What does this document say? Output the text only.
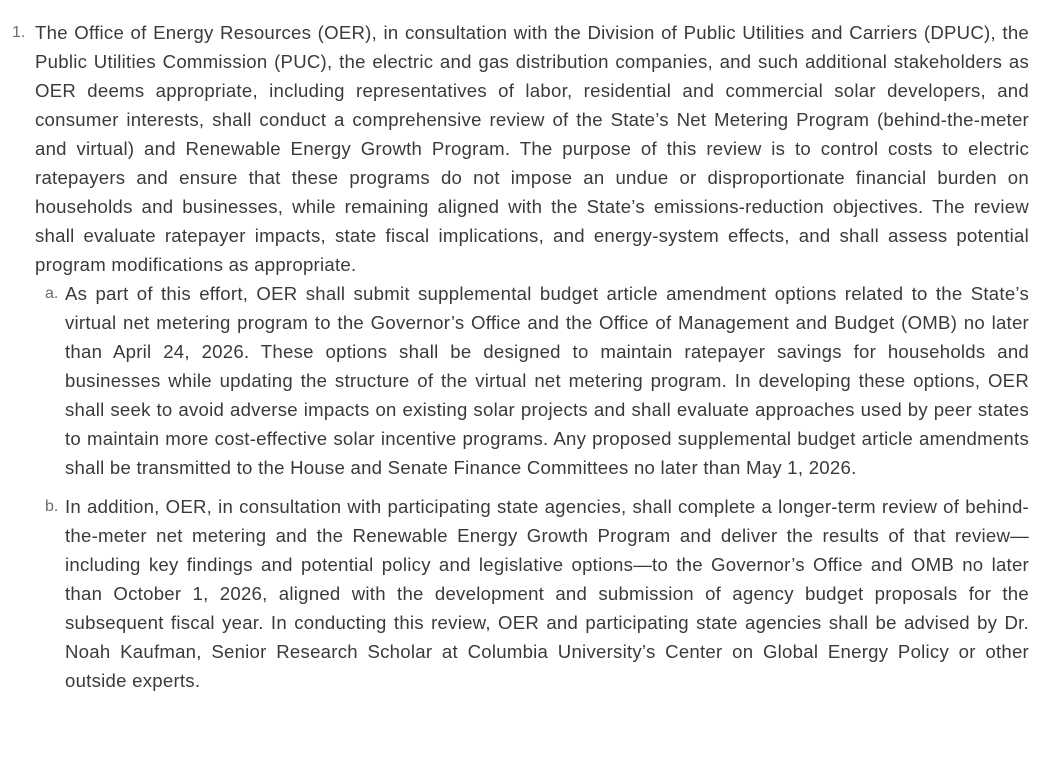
1. The Office of Energy Resources (OER), in consultation with the Division of Public Utilities and Carriers (DPUC), the Public Utilities Commission (PUC), the electric and gas distribution companies, and such additional stakeholders as OER deems appropriate, including representatives of labor, residential and commercial solar developers, and consumer interests, shall conduct a comprehensive review of the State’s Net Metering Program (behind-the-meter and virtual) and Renewable Energy Growth Program. The purpose of this review is to control costs to electric ratepayers and ensure that these programs do not impose an undue or disproportionate financial burden on households and businesses, while remaining aligned with the State’s emissions-reduction objectives. The review shall evaluate ratepayer impacts, state fiscal implications, and energy-system effects, and shall assess potential program modifications as appropriate.

a. As part of this effort, OER shall submit supplemental budget article amendment options related to the State’s virtual net metering program to the Governor’s Office and the Office of Management and Budget (OMB) no later than April 24, 2026. These options shall be designed to maintain ratepayer savings for households and businesses while updating the structure of the virtual net metering program. In developing these options, OER shall seek to avoid adverse impacts on existing solar projects and shall evaluate approaches used by peer states to maintain more cost-effective solar incentive programs. Any proposed supplemental budget article amendments shall be transmitted to the House and Senate Finance Committees no later than May 1, 2026.

b. In addition, OER, in consultation with participating state agencies, shall complete a longer-term review of behind-the-meter net metering and the Renewable Energy Growth Program and deliver the results of that review—including key findings and potential policy and legislative options—to the Governor’s Office and OMB no later than October 1, 2026, aligned with the development and submission of agency budget proposals for the subsequent fiscal year. In conducting this review, OER and participating state agencies shall be advised by Dr. Noah Kaufman, Senior Research Scholar at Columbia University’s Center on Global Energy Policy or other outside experts.
